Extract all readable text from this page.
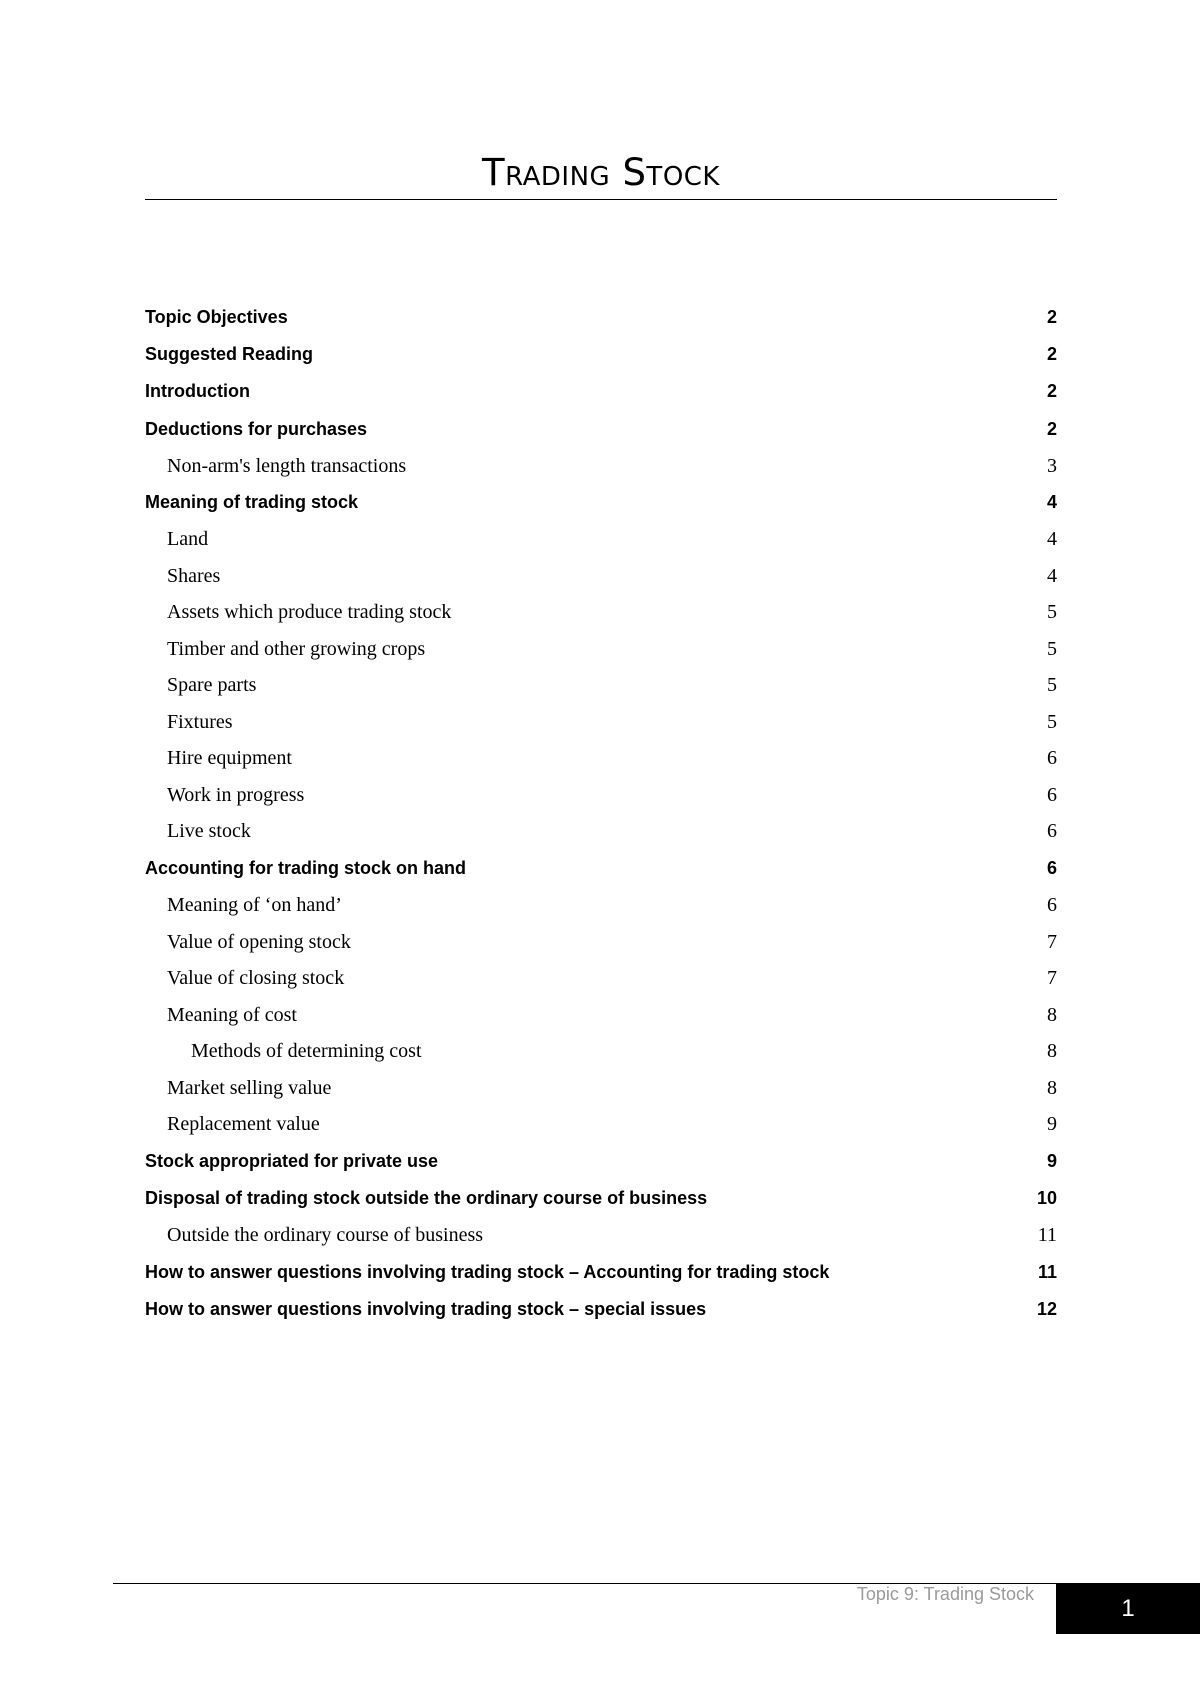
Trading Stock
Topic Objectives	2
Suggested Reading	2
Introduction	2
Deductions for purchases	2
Non-arm's length transactions	3
Meaning of trading stock	4
Land	4
Shares	4
Assets which produce trading stock	5
Timber and other growing crops	5
Spare parts	5
Fixtures	5
Hire equipment	6
Work in progress	6
Live stock	6
Accounting for trading stock on hand	6
Meaning of ‘on hand’	6
Value of opening stock	7
Value of closing stock	7
Meaning of cost	8
Methods of determining cost	8
Market selling value	8
Replacement value	9
Stock appropriated for private use	9
Disposal of trading stock outside the ordinary course of business	10
Outside the ordinary course of business	11
How to answer questions involving trading stock – Accounting for trading stock	11
How to answer questions involving trading stock – special issues	12
Topic 9: Trading Stock
1
